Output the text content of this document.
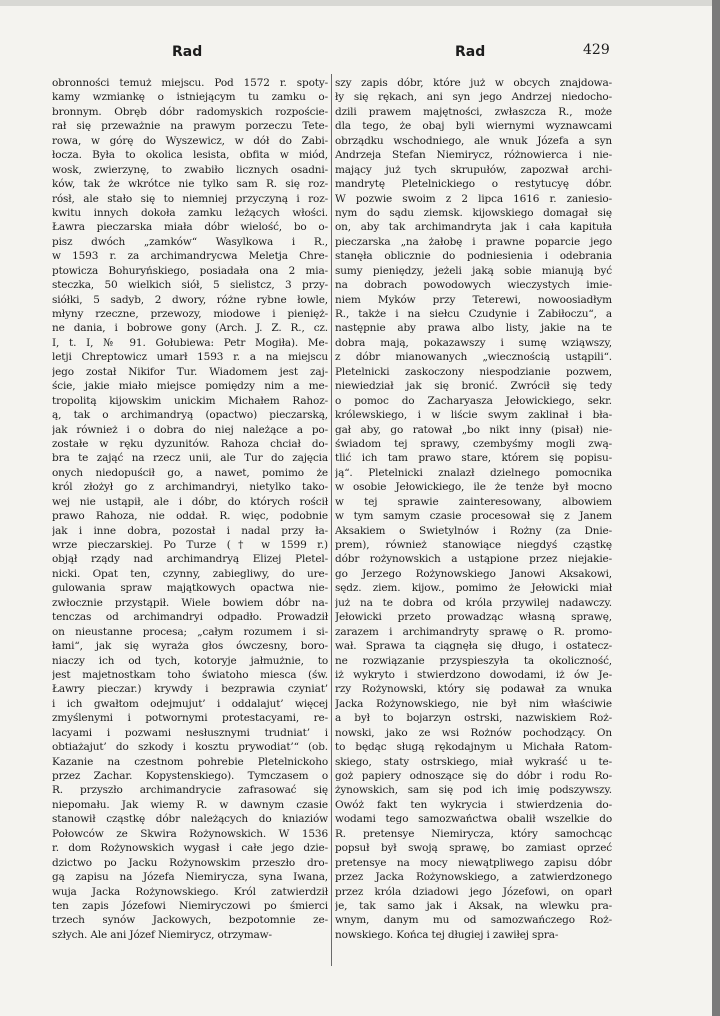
Rad	Rad	429
obronności temuż miejscu. Pod 1572 r. spoty-
kamy wzmiankę o istniejącym tu zamku o-
bronnym. Obręb dóbr radomyskich rozpoście-
rał się przeważnie na prawym porzeczu Tete-
rowa, w górę do Wyszewicz, w dół do Zabi-
łocza. Była to okolica lesista, obfita w miód,
wosk, zwierzynę, to zwabiło licznych osadni-
ków, tak że wkrótce nie tylko sam R. się roz-
rósł, ale stało się to niemniej przyczyną i roz-
kwitu innych dokoła zamku leżących włości.
Ławra pieczarska miała dóbr wielość, bo o-
pisz dwóch „zamków“ Wasylkowa i R.,
w 1593 r. za archimandrycwa Meletja Chre-
ptowicza Bohuryńskiego, posiadała ona 2 mia-
steczka, 50 wielkich siół, 5 sielistcz, 3 przy-
siółki, 5 sadyb, 2 dwory, różne rybne łowle,
młyny rzeczne, przewozy, miodowe i pienięż-
ne dania, i bobrowe gony (Arch. J. Z. R., cz.
I, t. I, № 91. Gołubiewa: Petr Mogiła). Me-
letji Chreptowicz umarł 1593 r. a na miejscu
jego został Nikifor Tur. Wiadomem jest zaj-
ście, jakie miało miejsce pomiędzy nim a me-
tropolitą kijowskim unickim Michałem Rahoz-
ą, tak o archimandryą (opactwo) pieczarską,
jak również i o dobra do niej należące a po-
zostałe w ręku dyzunitów. Rahoza chciał do-
bra te zająć na rzecz unii, ale Tur do zajęcia
onych niedopuścił go, a nawet, pomimo że
król złożył go z archimandryi, nietylko tako-
wej nie ustąpił, ale i dóbr, do których rościł
prawo Rahoza, nie oddał. R. więc, podobnie
jak i inne dobra, pozostał i nadal przy ła-
wrze pieczarskiej. Po Turze († w 1599 r.)
objął rządy nad archimandryą Elizej Pletel-
nicki. Opat ten, czynny, zabiegliwy, do ure-
gulowania spraw majątkowych opactwa nie-
zwłocznie przystąpił. Wiele bowiem dóbr na-
tenczas od archimandryi odpadło. Prowadził
on nieustanne procesa; „całym rozumem i si-
łami“, jak się wyraża głos ówczesny, boro-
niaczy ich od tych, kotoryje jałmużnie, to
jest majetnostkam toho światoho miesca (św.
Ławry pieczar.) krywdy i bezprawia czyniat’
i ich gwałtom odejmujut’ i oddalajut’ więcej
zmyślenymi i potwornymi protestacyami, re-
lacyami i pozwami nesłusznymi trudniat’ i
obtiażajut’ do szkody i kosztu prywodiat’“ (ob.
Kazanie na czestnom pohrebie Pletelnickoho
przez Zachar. Kopystenskiego). Tymczasem o
R. przyszło archimandrycie zafrasować się
niepomału. Jak wiemy R. w dawnym czasie
stanowił cząstkę dóbr należących do kniaziów
Połowców ze Skwira Rożynowskich. W 1536
r. dom Rożynowskich wygasł i całe jego dzie-
dzictwo po Jacku Rożynowskim przeszło dro-
gą zapisu na Józefa Niemirycza, syna Iwana,
wuja Jacka Rożynowskiego. Król zatwierdził
ten zapis Józefowi Niemiryczowi po śmierci
trzech synów Jackowych, bezpotomnie ze-
szłych. Ale ani Józef Niemirycz, otrzymaw-
szy zapis dóbr, które już w obcych znajdowa-
ły się rękach, ani syn jego Andrzej niedocho-
dzili prawem majętności, zwłaszcza R., może
dla tego, że obaj byli wiernymi wyznawcami
obrządku wschodniego, ale wnuk Józefa a syn
Andrzeja Stefan Niemirycz, różnowierca i nie-
mający już tych skrupułów, zapozwał archi-
mandrytę Pletelnickiego o restytucyę dóbr.
W pozwie swoim z 2 lipca 1616 r. zaniesio-
nym do sądu ziemsk. kijowskiego domagał się
on, aby tak archimandryta jak i cała kapituła
pieczarska „na żałobę i prawne poparcie jego
stanęła oblicznie do podniesienia i odebrania
sumy pieniędzy, jeżeli jaką sobie mianują być
na dobrach powodowych wieczystych imie-
niem Myków przy Teterewi, nowoosiadłym
R., także i na siełcu Czudynie i Zabiłoczu“, a
następnie aby prawa albo listy, jakie na te
dobra mają, pokazawszy i sumę wziąwszy,
z dóbr mianowanych „wiecznością ustąpili“.
Pletelnicki zaskoczony niespodzianie pozwem,
niewiedział jak się bronić. Zwrócił się tedy
o pomoc do Zacharyasza Jełowickiego, sekr.
królewskiego, i w liście swym zaklinał i bła-
gał aby, go ratował „bo nikt inny (pisał) nie-
świadom tej sprawy, czembyśmy mogli zwą-
tlić ich tam prawo stare, którem się popisu-
ją“. Pletelnicki znalazł dzielnego pomocnika
w osobie Jełowickiego, ile że tenże był mocno
w tej sprawie zainteresowany, albowiem
w tym samym czasie procesował się z Janem
Aksakiem o Swietylnów i Rożny (za Dnie-
prem), również stanowiące niegdyś cząstkę
dóbr rożynowskich a ustąpione przez niejakie-
go Jerzego Rożynowskiego Janowi Aksakowi,
sędz. ziem. kijow., pomimo że Jełowicki miał
już na te dobra od króla przywilej nadawczy.
Jełowicki przeto prowadząc własną sprawę,
zarazem i archimandryty sprawę o R. promo-
wał. Sprawa ta ciągnęła się długo, i ostatecz-
ne rozwiązanie przyspieszyła ta okoliczność,
iż wykryto i stwierdzono dowodami, iż ów Je-
rzy Rożynowski, który się podawał za wnuka
Jacka Rożynowskiego, nie był nim właściwie
a był to bojarzyn ostrski, nazwiskiem Roż-
nowski, jako ze wsi Rożnów pochodzący. On
to będąc sługą rękodajnym u Michała Ratom-
skiego, staty ostrskiego, miał wykraść u te-
goż papiery odnoszące się do dóbr i rodu Ro-
żynowskich, sam się pod ich imię podszywszy.
Owóż fakt ten wykrycia i stwierdzenia do-
wodami tego samozwańctwa obalił wszelkie do
R. pretensye Niemirycza, który samochcąc
popsuł był swoją sprawę, bo zamiast oprzeć
pretensye na mocy niewątpliwego zapisu dóbr
przez Jacka Rożynowskiego, a zatwierdzonego
przez króla dziadowi jego Józefowi, on oparł
je, tak samo jak i Aksak, na wlewku pra-
wnym, danym mu od samozwańczego Roż-
nowskiego. Końca tej długiej i zawiłej spra-
